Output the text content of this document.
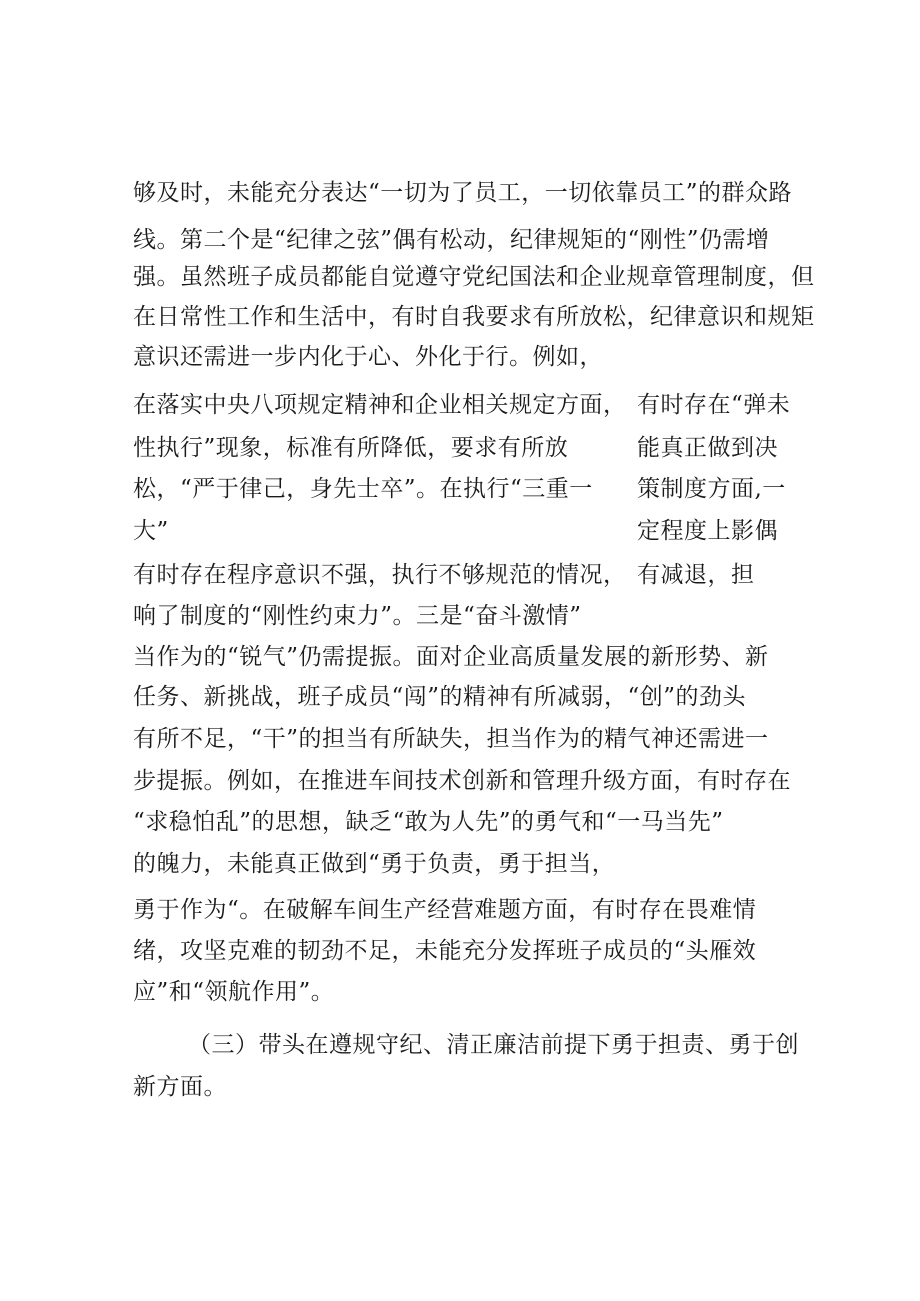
够及时，未能充分表达“一切为了员工，一切依靠员工”的群众路
线。第二个是“纪律之弦”偶有松动，纪律规矩的“刚性”仍需增
强。虽然班子成员都能自觉遵守党纪国法和企业规章管理制度，但
在日常性工作和生活中，有时自我要求有所放松，纪律意识和规矩
意识还需进一步内化于心、外化于行。例如，
在落实中央八项规定精神和企业相关规定方面，
性执行”现象，标准有所降低，要求有所放
松，“严于律己，身先士卒”。在执行“三重一
大”
有时存在程序意识不强，执行不够规范的情况，
响了制度的“刚性约束力”。三是“奋斗激情”
有时存在“弹未
能真正做到决
策制度方面,一
定程度上影偶
有减退，担
当作为的“锐气”仍需提振。面对企业高质量发展的新形势、新
任务、新挑战，班子成员“闯”的精神有所减弱，“创”的劲头
有所不足，“干”的担当有所缺失，担当作为的精气神还需进一
步提振。例如，在推进车间技术创新和管理升级方面，有时存在
“求稳怕乱”的思想，缺乏“敢为人先”的勇气和“一马当先”
的魄力，未能真正做到“勇于负责，勇于担当，
勇于作为“。在破解车间生产经营难题方面，有时存在畏难情
绪，攻坚克难的韧劲不足，未能充分发挥班子成员的“头雁效
应”和“领航作用”。
（三）带头在遵规守纪、清正廉洁前提下勇于担责、勇于创
新方面。
